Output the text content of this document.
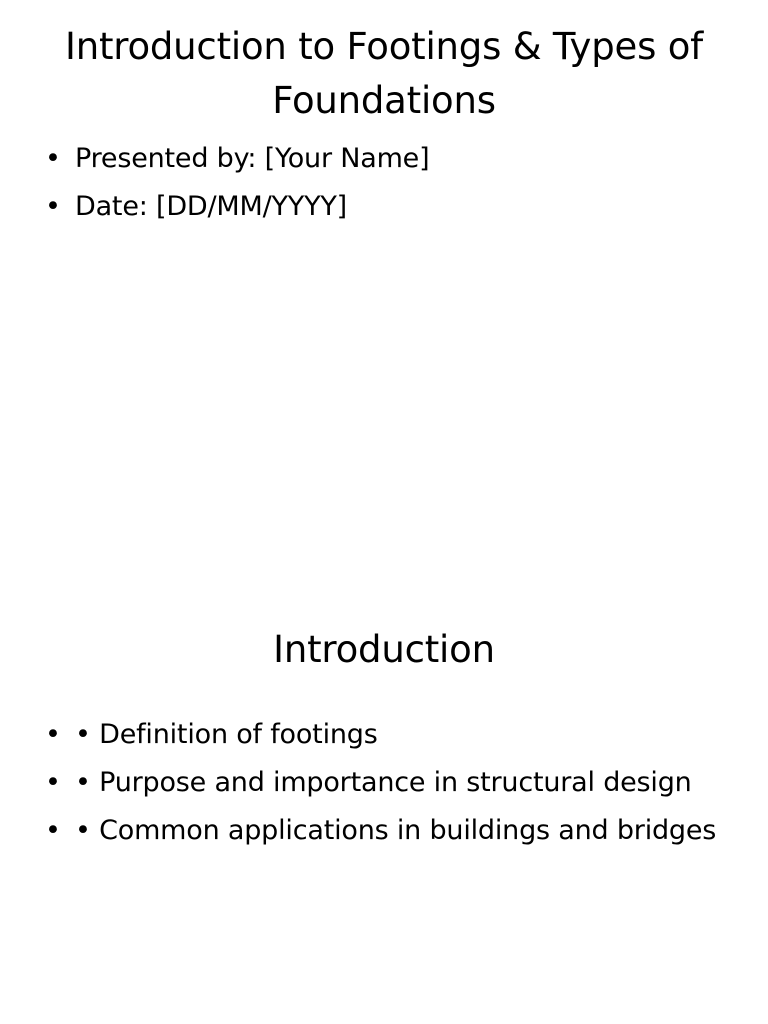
Introduction to Footings & Types of Foundations
• Presented by: [Your Name]
• Date: [DD/MM/YYYY]
Introduction
• • Definition of footings
• • Purpose and importance in structural design
• • Common applications in buildings and bridges
